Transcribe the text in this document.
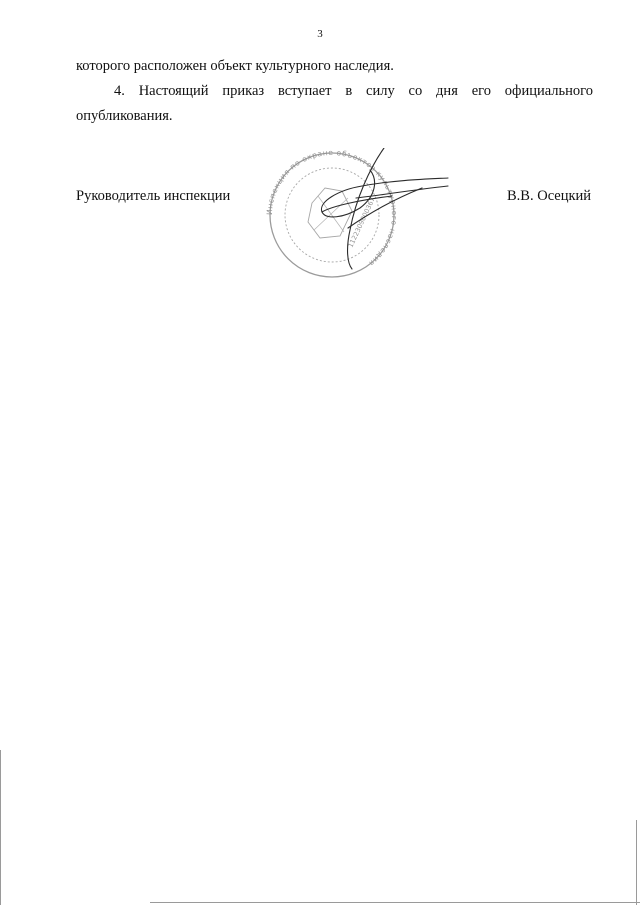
3
которого расположен объект культурного наследия.
4. Настоящий приказ вступает в силу со дня его официального
опубликования.
Руководитель инспекции	В.В. Осецкий
Инспекция по охране объектов культурного наследия
1122309000367
